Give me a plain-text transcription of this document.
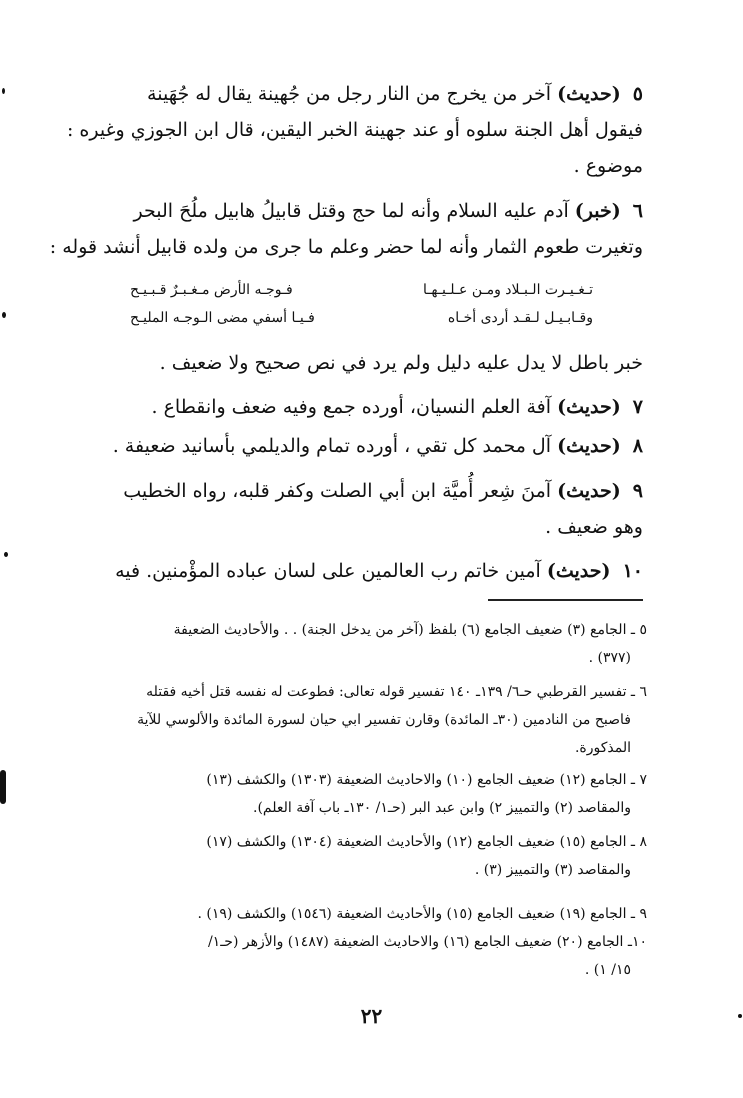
٥ (حديث) آخر من يخرج من النار رجل من جُهينة يقال له جُهَينة
فيقول أهل الجنة سلوه أو عند جهينة الخبر اليقين، قال ابن الجوزي وغيره :
موضوع .
٦ (خبر) آدم عليه السلام وأنه لما حج وقتل قابيلُ هابيل ملُحَ البحر
وتغيرت طعوم الثمار وأنه لما حضر وعلم ما جرى من ولده قابيل أنشد قوله :
تـغـيـرت الـبـلاد ومـن عـلـيـهـا
فـوجـه الأرض مـغـبـرٌ قـبـيـح
وقـابـيـل لـقـد أردى أخـاه
فـيـا أسفي مضى الـوجـه المليـح
خبر باطل لا يدل عليه دليل ولم يرد في نص صحيح ولا ضعيف .
٧ (حديث) آفة العلم النسيان، أورده جمع وفيه ضعف وانقطاع .
٨ (حديث) آل محمد كل تقي ، أورده تمام والديلمي بأسانيد ضعيفة .
٩ (حديث) آمنَ شِعر أُميَّة ابن أبي الصلت وكفر قلبه، رواه الخطيب
وهو ضعيف .
١٠ (حديث) آمين خاتم رب العالمين على لسان عباده المؤْمنين. فيه
٥ ـ الجامع (٣) ضعيف الجامع (٦) بلفظ (آخر من يدخل الجنة) . . والأحاديث الضعيفة
(٣٧٧) .
٦ ـ تفسير القرطبي حـ٦/ ١٣٩ـ ١٤٠ تفسير قوله تعالى: فطوعت له نفسه قتل أخيه فقتله
فاصبح من النادمين (٣٠ـ المائدة) وقارن تفسير ابي حيان لسورة المائدة والألوسي للآية
المذكورة.
٧ ـ الجامع (١٢) ضعيف الجامع (١٠) والاحاديث الضعيفة (١٣٠٣) والكشف (١٣)
والمقاصد (٢) والتمييز ٢) وابن عبد البر (حـ١/ ١٣٠ـ باب آفة العلم).
٨ ـ الجامع (١٥) ضعيف الجامع (١٢) والأحاديث الضعيفة (١٣٠٤) والكشف (١٧)
والمقاصد (٣) والتمييز (٣) .
٩ ـ الجامع (١٩) ضعيف الجامع (١٥) والأحاديث الضعيفة (١٥٤٦) والكشف (١٩) .
١٠ـ الجامع (٢٠) ضعيف الجامع (١٦) والاحاديث الضعيفة (١٤٨٧) والأزهر (حـ١/
١٥/ ١) .
٢٢
